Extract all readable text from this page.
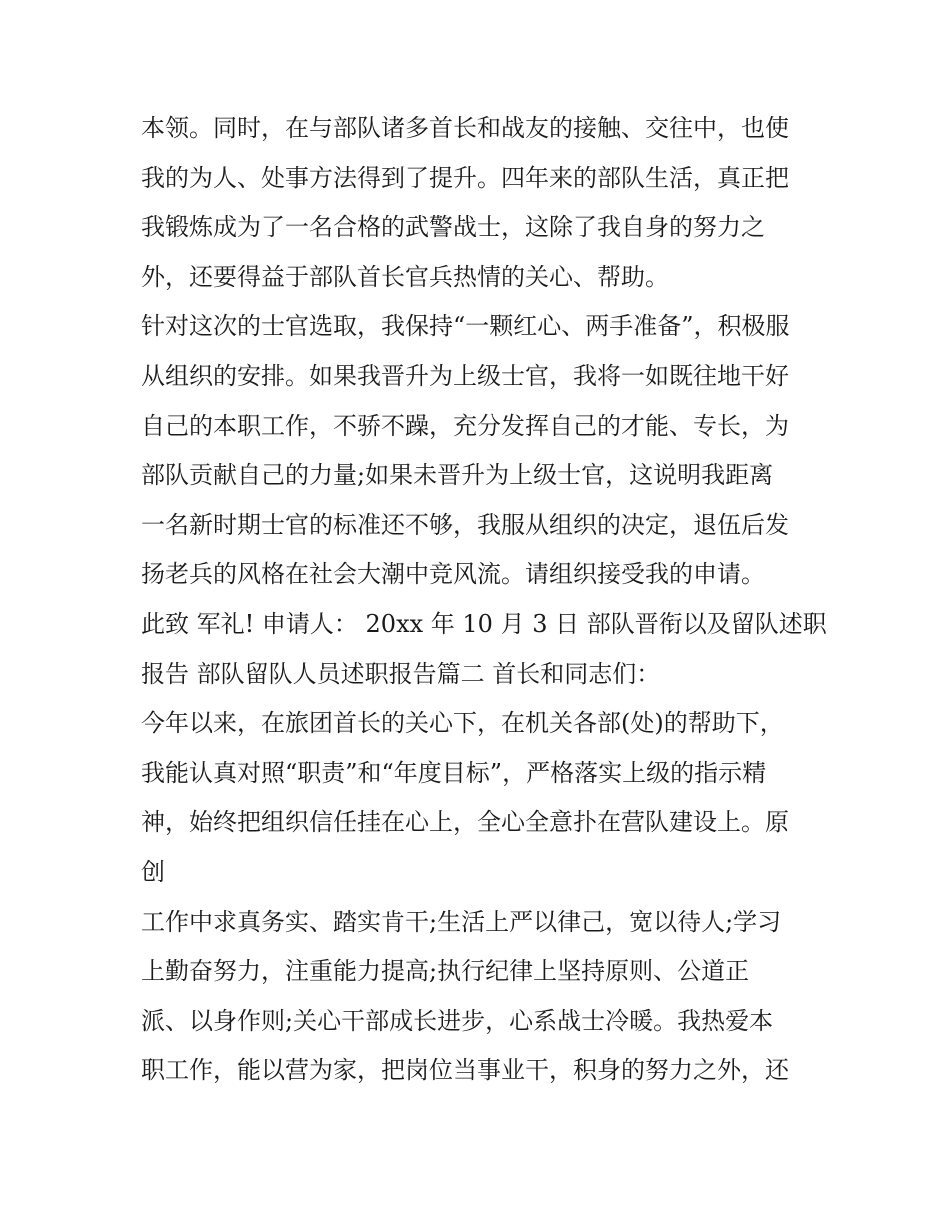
本领。同时，在与部队诸多首长和战友的接触、交往中，也使
我的为人、处事方法得到了提升。四年来的部队生活，真正把
我锻炼成为了一名合格的武警战士，这除了我自身的努力之
外，还要得益于部队首长官兵热情的关心、帮助。
针对这次的士官选取，我保持“一颗红心、两手准备”，积极服
从组织的安排。如果我晋升为上级士官，我将一如既往地干好
自己的本职工作，不骄不躁，充分发挥自己的才能、专长，为
部队贡献自己的力量;如果未晋升为上级士官，这说明我距离
一名新时期士官的标准还不够，我服从组织的决定，退伍后发
扬老兵的风格在社会大潮中竞风流。请组织接受我的申请。
此致 军礼! 申请人： 20xx 年 10 月 3 日 部队晋衔以及留队述职
报告 部队留队人员述职报告篇二 首长和同志们：
今年以来，在旅团首长的关心下，在机关各部(处)的帮助下，
我能认真对照“职责”和“年度目标”，严格落实上级的指示精
神，始终把组织信任挂在心上，全心全意扑在营队建设上。原
创
工作中求真务实、踏实肯干;生活上严以律己，宽以待人;学习
上勤奋努力，注重能力提高;执行纪律上坚持原则、公道正
派、以身作则;关心干部成长进步，心系战士冷暖。我热爱本
职工作，能以营为家，把岗位当事业干，积身的努力之外，还
